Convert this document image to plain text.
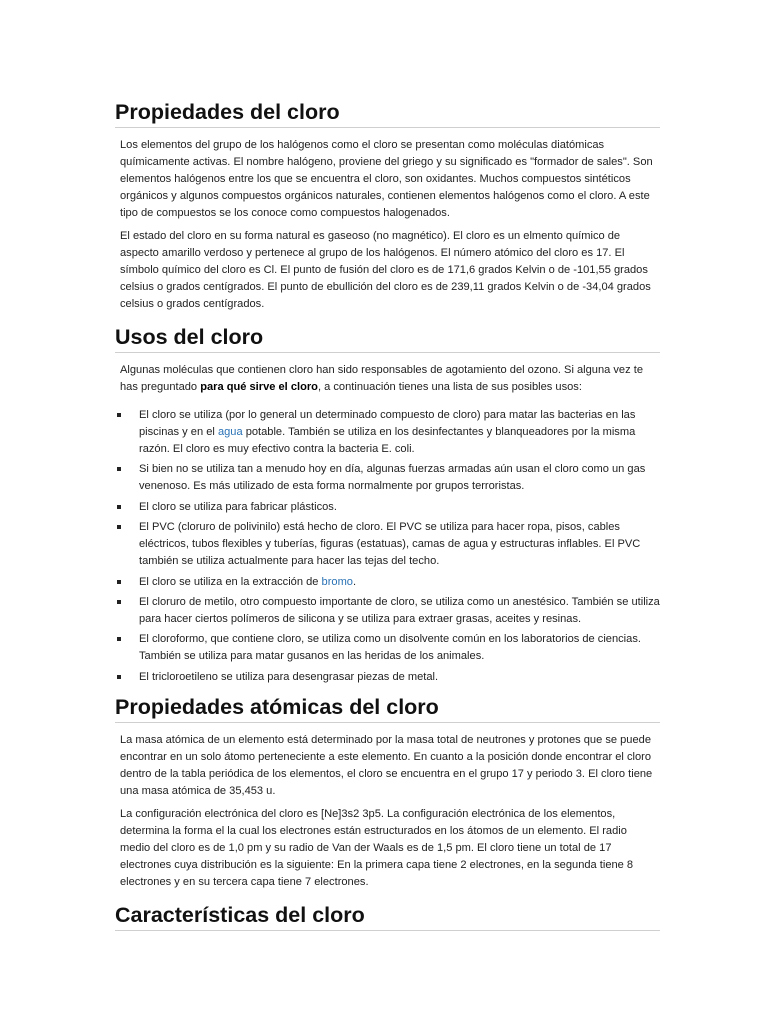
Propiedades del cloro

Los elementos del grupo de los halógenos como el cloro se presentan como moléculas diatómicas químicamente activas. El nombre halógeno, proviene del griego y su significado es "formador de sales". Son elementos halógenos entre los que se encuentra el cloro, son oxidantes. Muchos compuestos sintéticos orgánicos y algunos compuestos orgánicos naturales, contienen elementos halógenos como el cloro. A este tipo de compuestos se los conoce como compuestos halogenados.

El estado del cloro en su forma natural es gaseoso (no magnético). El cloro es un elmento químico de aspecto amarillo verdoso y pertenece al grupo de los halógenos. El número atómico del cloro es 17. El símbolo químico del cloro es Cl. El punto de fusión del cloro es de 171,6 grados Kelvin o de -101,55 grados celsius o grados centígrados. El punto de ebullición del cloro es de 239,11 grados Kelvin o de -34,04 grados celsius o grados centígrados.

Usos del cloro

Algunas moléculas que contienen cloro han sido responsables de agotamiento del ozono. Si alguna vez te has preguntado para qué sirve el cloro, a continuación tienes una lista de sus posibles usos:

El cloro se utiliza (por lo general un determinado compuesto de cloro) para matar las bacterias en las piscinas y en el agua potable. También se utiliza en los desinfectantes y blanqueadores por la misma razón. El cloro es muy efectivo contra la bacteria E. coli.
Si bien no se utiliza tan a menudo hoy en día, algunas fuerzas armadas aún usan el cloro como un gas venenoso. Es más utilizado de esta forma normalmente por grupos terroristas.
El cloro se utiliza para fabricar plásticos.
El PVC (cloruro de polivinilo) está hecho de cloro. El PVC se utiliza para hacer ropa, pisos, cables eléctricos, tubos flexibles y tuberías, figuras (estatuas), camas de agua y estructuras inflables. El PVC también se utiliza actualmente para hacer las tejas del techo.
El cloro se utiliza en la extracción de bromo.
El cloruro de metilo, otro compuesto importante de cloro, se utiliza como un anestésico. También se utiliza para hacer ciertos polímeros de silicona y se utiliza para extraer grasas, aceites y resinas.
El cloroformo, que contiene cloro, se utiliza como un disolvente común en los laboratorios de ciencias. También se utiliza para matar gusanos en las heridas de los animales.
El tricloroetileno se utiliza para desengrasar piezas de metal.
Propiedades atómicas del cloro

La masa atómica de un elemento está determinado por la masa total de neutrones y protones que se puede encontrar en un solo átomo perteneciente a este elemento. En cuanto a la posición donde encontrar el cloro dentro de la tabla periódica de los elementos, el cloro se encuentra en el grupo 17 y periodo 3. El cloro tiene una masa atómica de 35,453 u.

La configuración electrónica del cloro es [Ne]3s2 3p5. La configuración electrónica de los elementos, determina la forma el la cual los electrones están estructurados en los átomos de un elemento. El radio medio del cloro es de 1,0 pm y su radio de Van der Waals es de 1,5 pm. El cloro tiene un total de 17 electrones cuya distribución es la siguiente: En la primera capa tiene 2 electrones, en la segunda tiene 8 electrones y en su tercera capa tiene 7 electrones.

Características del cloro
